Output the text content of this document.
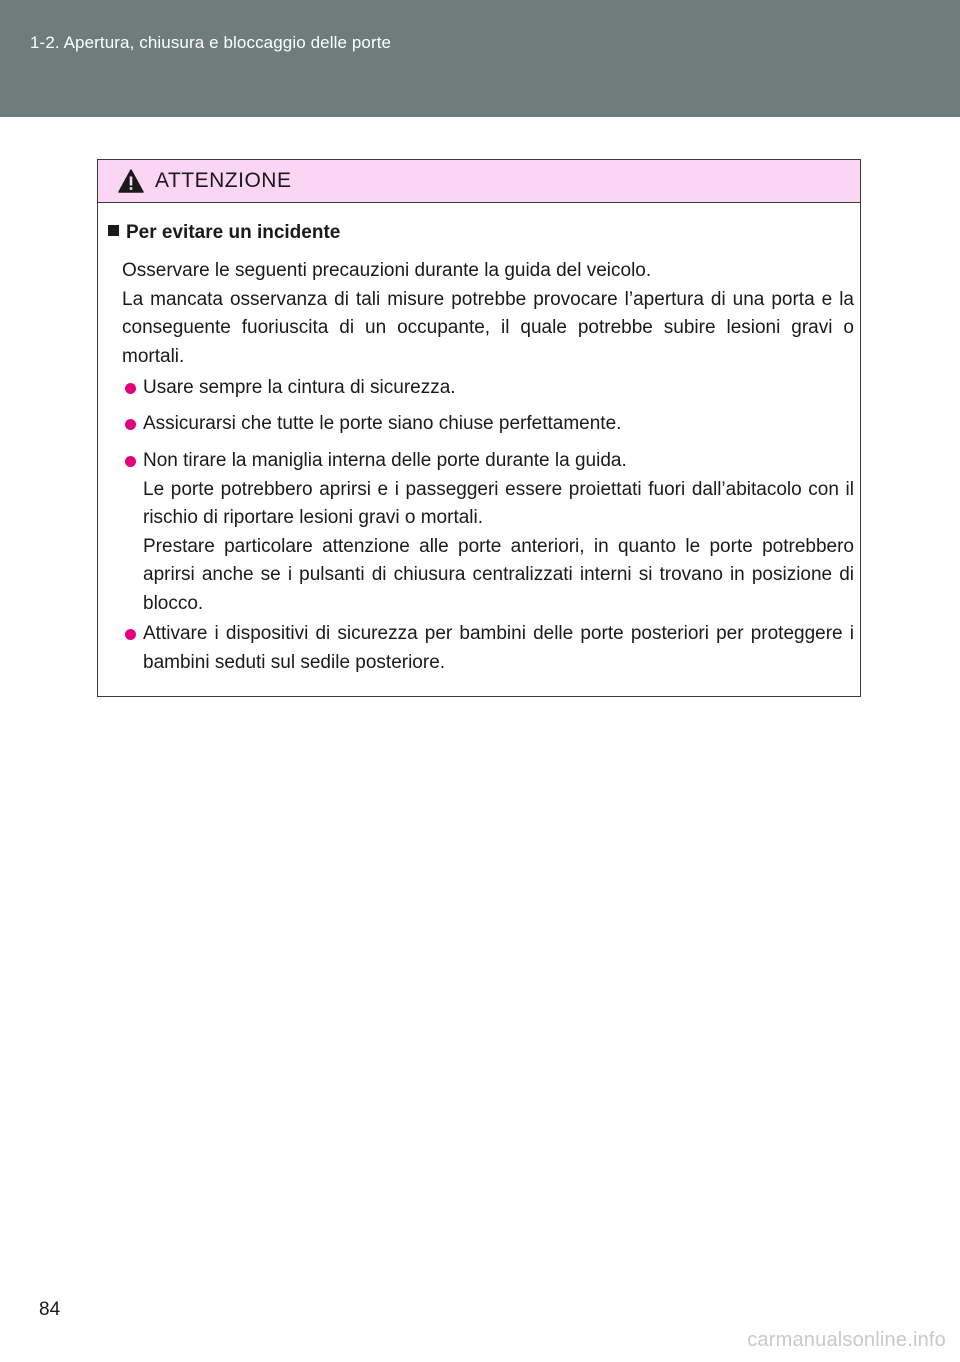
1-2. Apertura, chiusura e bloccaggio delle porte
ATTENZIONE
Per evitare un incidente
Osservare le seguenti precauzioni durante la guida del veicolo.
La mancata osservanza di tali misure potrebbe provocare l’apertura di una porta e la conseguente fuoriuscita di un occupante, il quale potrebbe subire lesioni gravi o mortali.
Usare sempre la cintura di sicurezza.
Assicurarsi che tutte le porte siano chiuse perfettamente.
Non tirare la maniglia interna delle porte durante la guida.
Le porte potrebbero aprirsi e i passeggeri essere proiettati fuori dall’abitacolo con il rischio di riportare lesioni gravi o mortali.
Prestare particolare attenzione alle porte anteriori, in quanto le porte potrebbero aprirsi anche se i pulsanti di chiusura centralizzati interni si trovano in posizione di blocco.
Attivare i dispositivi di sicurezza per bambini delle porte posteriori per proteggere i bambini seduti sul sedile posteriore.
84
carmanualsonline.info
